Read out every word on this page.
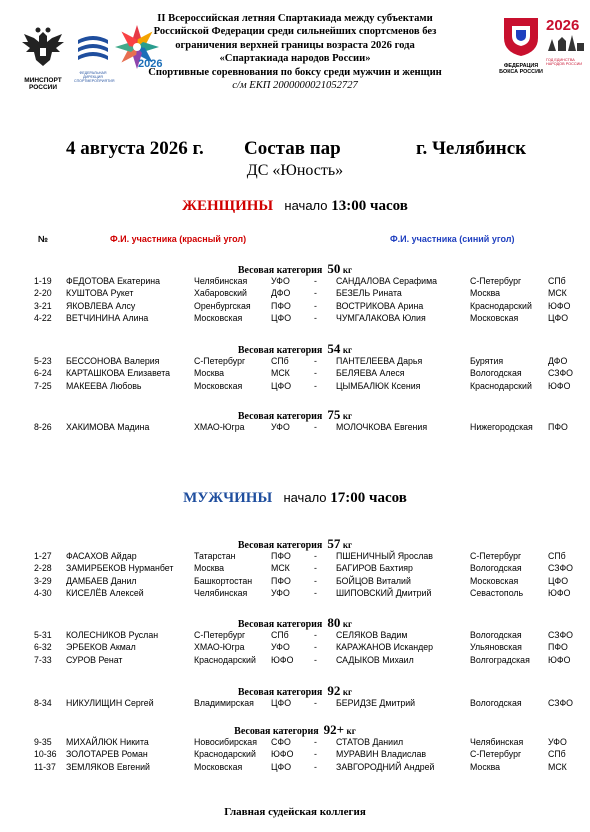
МИНСПОРТ РОССИИ
ФЕДЕРАЛЬНАЯ ДИРЕКЦИЯ СПОРТМЕРОПРИЯТИЯ
2026	ФЕДЕРАЦИЯ БОКСА РОССИИ
2026
ГОД ЕДИНСТВА НАРОДОВ РОССИИ
II Всероссийская летняя Спартакиада между субъектами
Российской Федерации среди сильнейших спортсменов без
ограничения верхней границы возраста 2026 года
«Спартакиада народов России»
Спортивные соревнования по боксу среди мужчин и женщин
с/м ЕКП 2000000021052727
4 августа 2026 г. Состав пар	г. Челябинск
ДС «Юность»
ЖЕНЩИНЫ начало 13:00 часов
№	Ф.И. участника (красный угол)	Ф.И. участника (синий угол)
Весовая категория 50 кг
1-19 ФЕДОТОВА Екатерина	Челябинская	УФО	- САНДАЛОВА Серафима	С-Петербург	СПб
2-20 КУШТОВА Рукет	Хабаровский	ДФО	- БЕЗЕЛЬ Рината	Москва	МСК
3-21 ЯКОВЛЕВА Алсу	Оренбургская ПФО	- ВОСТРИКОВА Арина	Краснодарский ЮФО
4-22 ВЕТЧИНИНА Алина	Московская	ЦФО	- ЧУМГАЛАКОВА Юлия	Московская	ЦФО
Весовая категория 54 кг
5-23 БЕССОНОВА Валерия	С-Петербург	СПб	- ПАНТЕЛЕЕВА Дарья	Бурятия	ДФО
6-24 КАРТАШКОВА Елизавета	Москва	МСК	- БЕЛЯЕВА Алеся	Вологодская	СЗФО
7-25 МАКЕЕВА Любовь	Московская	ЦФО	- ЦЫМБАЛЮК Ксения	Краснодарский ЮФО
Весовая категория 75 кг
8-26 ХАКИМОВА Мадина	ХМАО-Югра	УФО	- МОЛОЧКОВА Евгения	Нижегородская ПФО
МУЖЧИНЫ начало 17:00 часов
Весовая категория 57 кг
1-27 ФАСАХОВ Айдар	Татарстан	ПФО	- ПШЕНИЧНЫЙ Ярослав	С-Петербург	СПб
2-28 ЗАМИРБЕКОВ Нурманбет Москва	МСК	- БАГИРОВ Бахтияр	Вологодская	СЗФО
3-29 ДАМБАЕВ Данил	Башкортостан ПФО	- БОЙЦОВ Виталий	Московская	ЦФО
4-30 КИСЕЛЁВ Алексей	Челябинская	УФО	- ШИПОВСКИЙ Дмитрий	Севастополь	ЮФО
Весовая категория 80 кг
5-31 КОЛЕСНИКОВ Руслан	С-Петербург	СПб	- СЕЛЯКОВ Вадим	Вологодская	СЗФО
6-32 ЭРБЕКОВ Акмал	ХМАО-Югра	УФО	- КАРАЖАНОВ Искандер	Ульяновская	ПФО
7-33 СУРОВ Ренат	Краснодарский ЮФО - САДЫКОВ Михаил	Волгоградская ЮФО
Весовая категория 92 кг
8-34 НИКУЛИЩИН Сергей	Владимирская ЦФО	- БЕРИДЗЕ Дмитрий	Вологодская	СЗФО
Весовая категория 92+ кг
9-35 МИХАЙЛЮК Никита	Новосибирская СФО	- СТАТОВ Даниил	Челябинская	УФО
10-36 ЗОЛОТАРЕВ Роман	Краснодарский ЮФО - МУРАВИН Владислав	С-Петербург	СПб
11-37 ЗЕМЛЯКОВ Евгений	Московская	ЦФО	- ЗАВГОРОДНИЙ Андрей	Москва	МСК
Главная судейская коллегия
